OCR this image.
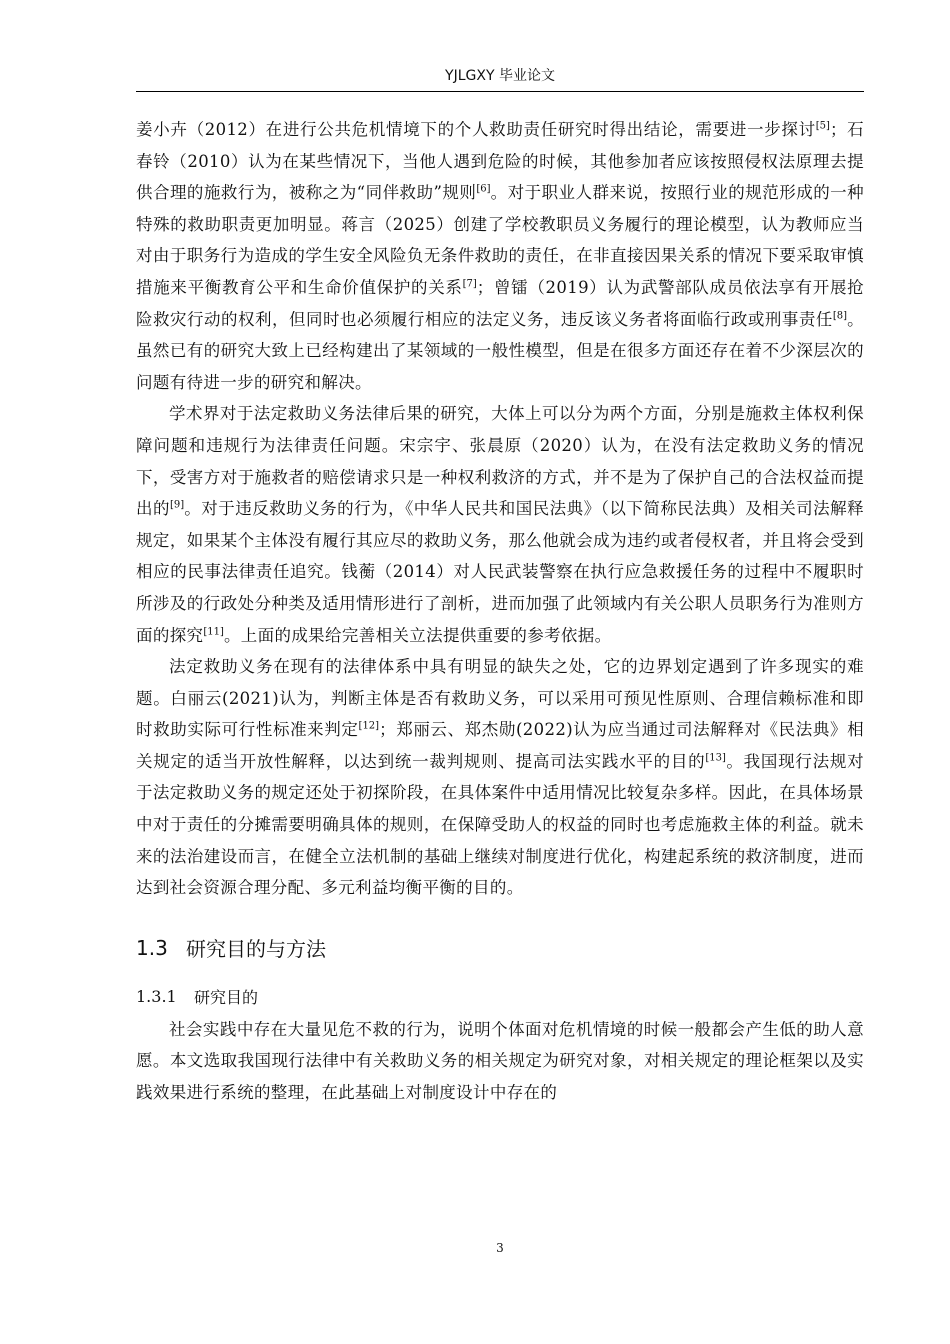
YJLGXY 毕业论文

姜小卉（2012）在进行公共危机情境下的个人救助责任研究时得出结论，需要进一步探讨[5]；石春铃（2010）认为在某些情况下，当他人遇到危险的时候，其他参加者应该按照侵权法原理去提供合理的施救行为，被称之为“同伴救助”规则[6]。对于职业人群来说，按照行业的规范形成的一种特殊的救助职责更加明显。蒋言（2025）创建了学校教职员义务履行的理论模型，认为教师应当对由于职务行为造成的学生安全风险负无条件救助的责任，在非直接因果关系的情况下要采取审慎措施来平衡教育公平和生命价值保护的关系[7]；曾镭（2019）认为武警部队成员依法享有开展抢险救灾行动的权利，但同时也必须履行相应的法定义务，违反该义务者将面临行政或刑事责任[8]。虽然已有的研究大致上已经构建出了某领域的一般性模型，但是在很多方面还存在着不少深层次的问题有待进一步的研究和解决。

学术界对于法定救助义务法律后果的研究，大体上可以分为两个方面，分别是施救主体权利保障问题和违规行为法律责任问题。宋宗宇、张晨原（2020）认为，在没有法定救助义务的情况下，受害方对于施救者的赔偿请求只是一种权利救济的方式，并不是为了保护自己的合法权益而提出的[9]。对于违反救助义务的行为，《中华人民共和国民法典》（以下简称民法典）及相关司法解释规定，如果某个主体没有履行其应尽的救助义务，那么他就会成为违约或者侵权者，并且将会受到相应的民事法律责任追究。钱蘅（2014）对人民武装警察在执行应急救援任务的过程中不履职时所涉及的行政处分种类及适用情形进行了剖析，进而加强了此领域内有关公职人员职务行为准则方面的探究[11]。上面的成果给完善相关立法提供重要的参考依据。

法定救助义务在现有的法律体系中具有明显的缺失之处，它的边界划定遇到了许多现实的难题。白丽云(2021)认为，判断主体是否有救助义务，可以采用可预见性原则、合理信赖标准和即时救助实际可行性标准来判定[12]；郑丽云、郑杰勋(2022)认为应当通过司法解释对《民法典》相关规定的适当开放性解释，以达到统一裁判规则、提高司法实践水平的目的[13]。我国现行法规对于法定救助义务的规定还处于初探阶段，在具体案件中适用情况比较复杂多样。因此，在具体场景中对于责任的分摊需要明确具体的规则，在保障受助人的权益的同时也考虑施救主体的利益。就未来的法治建设而言，在健全立法机制的基础上继续对制度进行优化，构建起系统的救济制度，进而达到社会资源合理分配、多元利益均衡平衡的目的。

1.3 研究目的与方法
1.3.1	研究目的

社会实践中存在大量见危不救的行为，说明个体面对危机情境的时候一般都会产生低的助人意愿。本文选取我国现行法律中有关救助义务的相关规定为研究对象，对相关规定的理论框架以及实践效果进行系统的整理，在此基础上对制度设计中存在的

3
